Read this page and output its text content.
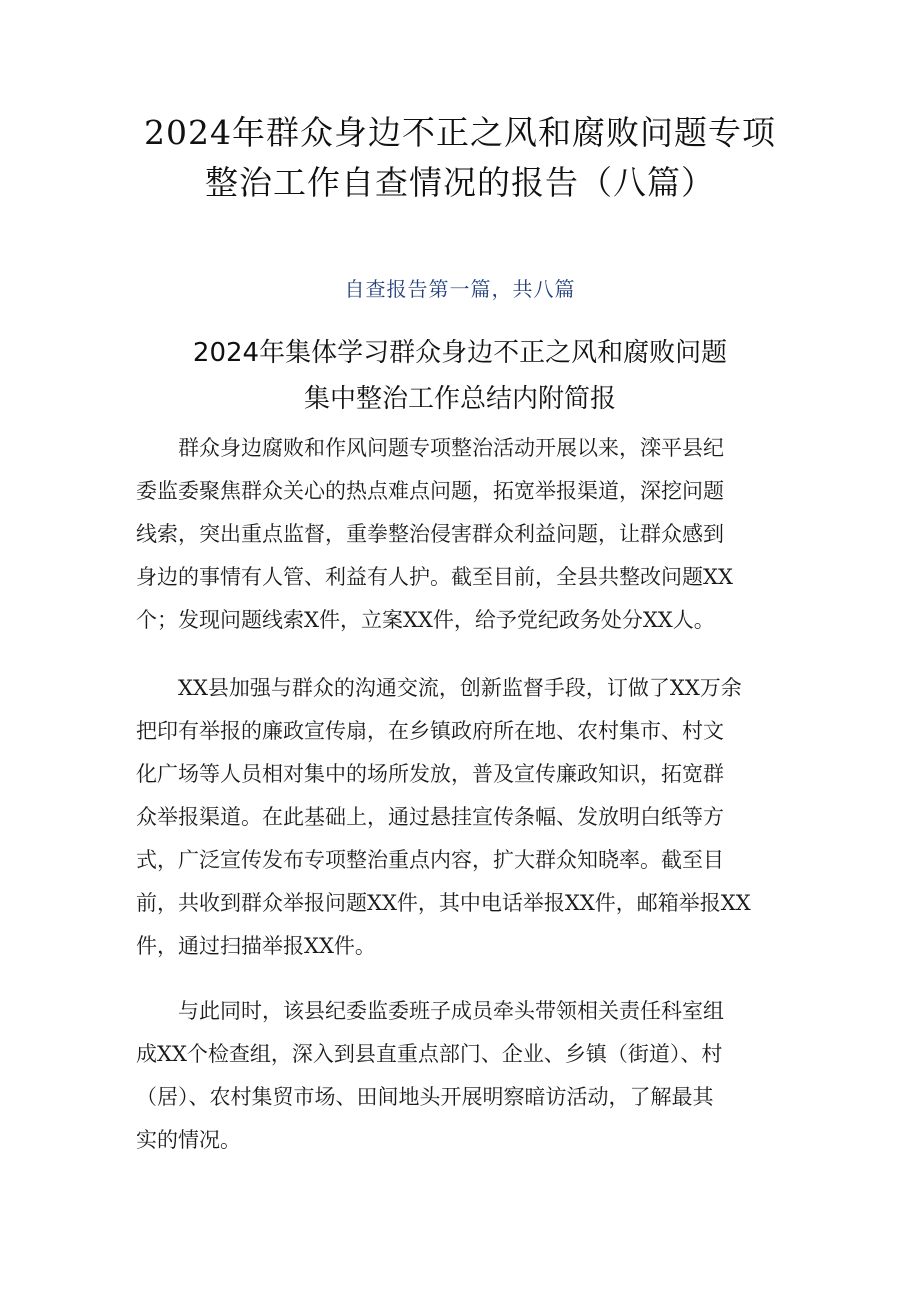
2024年群众身边不正之风和腐败问题专项
整治工作自查情况的报告（八篇）
自查报告第一篇，共八篇
2024年集体学习群众身边不正之风和腐败问题
集中整治工作总结内附简报
群众身边腐败和作风问题专项整治活动开展以来，滦平县纪
委监委聚焦群众关心的热点难点问题，拓宽举报渠道，深挖问题
线索，突出重点监督，重拳整治侵害群众利益问题，让群众感到
身边的事情有人管、利益有人护。截至目前，全县共整改问题XX
个；发现问题线索X件，立案XX件，给予党纪政务处分XX人。
XX县加强与群众的沟通交流，创新监督手段，订做了XX万余
把印有举报的廉政宣传扇，在乡镇政府所在地、农村集市、村文
化广场等人员相对集中的场所发放，普及宣传廉政知识，拓宽群
众举报渠道。在此基础上，通过悬挂宣传条幅、发放明白纸等方
式，广泛宣传发布专项整治重点内容，扩大群众知晓率。截至目
前，共收到群众举报问题XX件，其中电话举报XX件，邮箱举报XX
件，通过扫描举报XX件。
与此同时，该县纪委监委班子成员牵头带领相关责任科室组
成XX个检查组，深入到县直重点部门、企业、乡镇（街道）、村
（居）、农村集贸市场、田间地头开展明察暗访活动，了解最其
实的情况。
